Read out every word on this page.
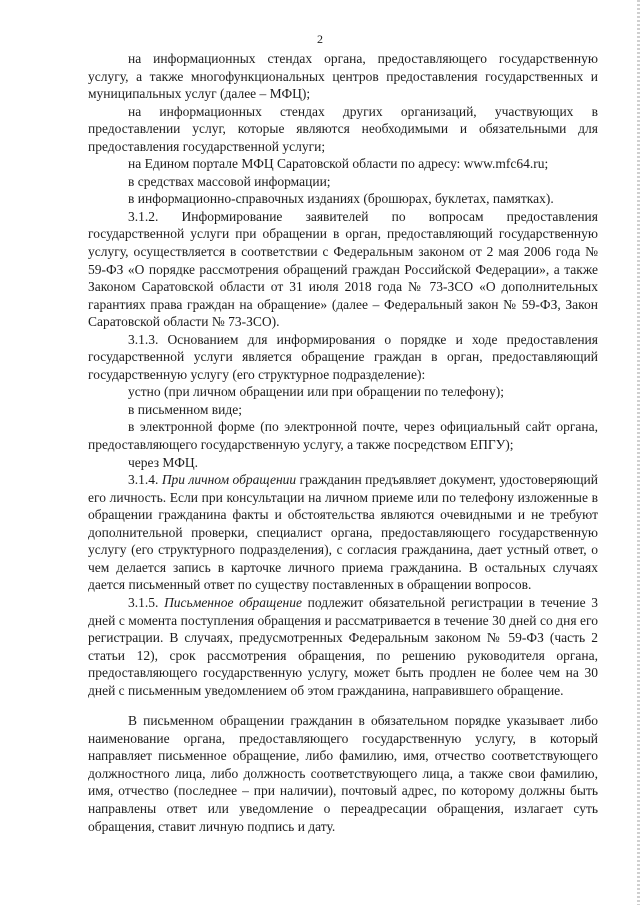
2

на информационных стендах органа, предоставляющего государственную услугу, а также многофункциональных центров предоставления государственных и муниципальных услуг (далее – МФЦ);

на информационных стендах других организаций, участвующих в предоставлении услуг, которые являются необходимыми и обязательными для предоставления государственной услуги;

на Едином портале МФЦ Саратовской области по адресу: www.mfc64.ru;

в средствах массовой информации;

в информационно-справочных изданиях (брошюрах, буклетах, памятках).

3.1.2. Информирование заявителей по вопросам предоставления государственной услуги при обращении в орган, предоставляющий государственную услугу, осуществляется в соответствии с Федеральным законом от 2 мая 2006 года № 59-ФЗ «О порядке рассмотрения обращений граждан Российской Федерации», а также Законом Саратовской области от 31 июля 2018 года № 73-ЗСО «О дополнительных гарантиях права граждан на обращение» (далее – Федеральный закон № 59-ФЗ, Закон Саратовской области № 73-ЗСО).

3.1.3. Основанием для информирования о порядке и ходе предоставления государственной услуги является обращение граждан в орган, предоставляющий государственную услугу (его структурное подразделение):

устно (при личном обращении или при обращении по телефону);

в письменном виде;

в электронной форме (по электронной почте, через официальный сайт органа, предоставляющего государственную услугу, а также посредством ЕПГУ);

через МФЦ.

3.1.4. При личном обращении гражданин предъявляет документ, удостоверяющий его личность. Если при консультации на личном приеме или по телефону изложенные в обращении гражданина факты и обстоятельства являются очевидными и не требуют дополнительной проверки, специалист органа, предоставляющего государственную услугу (его структурного подразделения), с согласия гражданина, дает устный ответ, о чем делается запись в карточке личного приема гражданина. В остальных случаях дается письменный ответ по существу поставленных в обращении вопросов.

3.1.5. Письменное обращение подлежит обязательной регистрации в течение 3 дней с момента поступления обращения и рассматривается в течение 30 дней со дня его регистрации. В случаях, предусмотренных Федеральным законом № 59-ФЗ (часть 2 статьи 12), срок рассмотрения обращения, по решению руководителя органа, предоставляющего государственную услугу, может быть продлен не более чем на 30 дней с письменным уведомлением об этом гражданина, направившего обращение.

В письменном обращении гражданин в обязательном порядке указывает либо наименование органа, предоставляющего государственную услугу, в который направляет письменное обращение, либо фамилию, имя, отчество соответствующего должностного лица, либо должность соответствующего лица, а также свои фамилию, имя, отчество (последнее – при наличии), почтовый адрес, по которому должны быть направлены ответ или уведомление о переадресации обращения, излагает суть обращения, ставит личную подпись и дату.
